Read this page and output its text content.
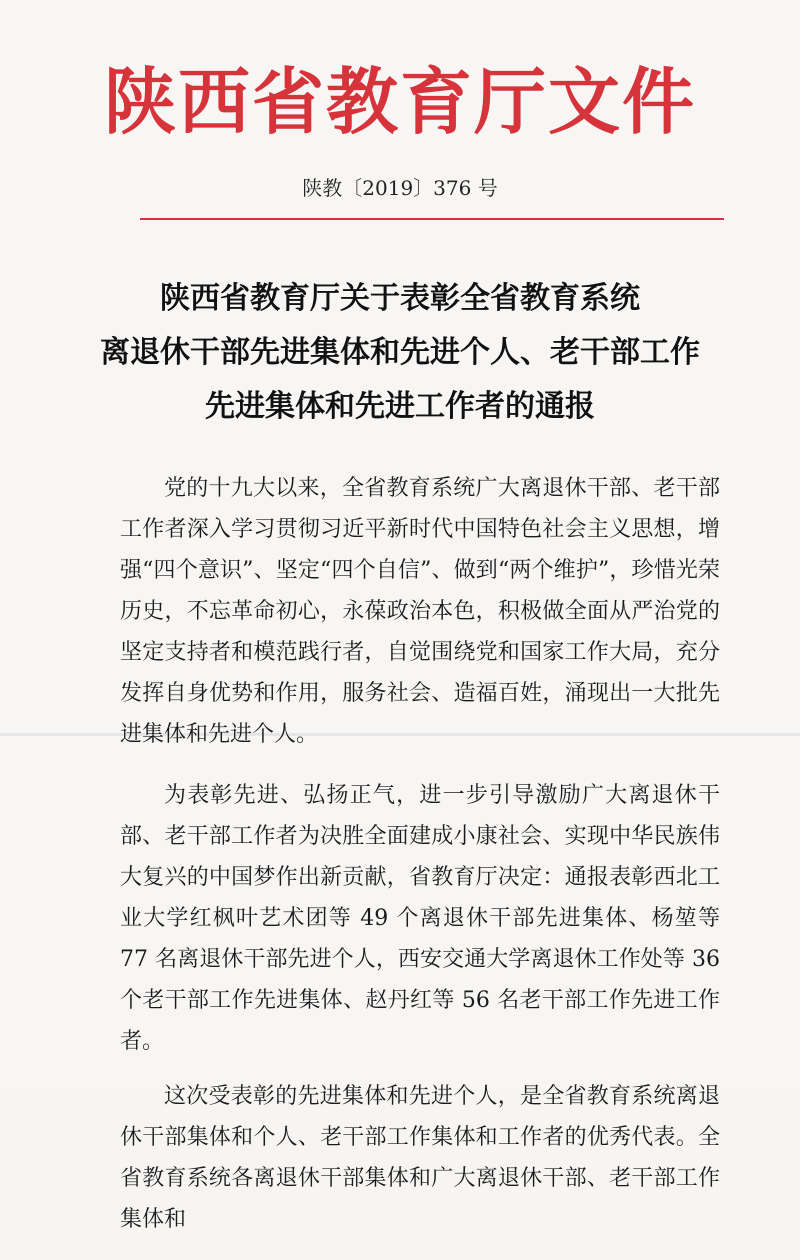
陕西省教育厅文件
陕教〔2019〕376 号
陕西省教育厅关于表彰全省教育系统
离退休干部先进集体和先进个人、老干部工作
先进集体和先进工作者的通报

党的十九大以来，全省教育系统广大离退休干部、老干部工作者深入学习贯彻习近平新时代中国特色社会主义思想，增强“四个意识”、坚定“四个自信”、做到“两个维护”，珍惜光荣历史，不忘革命初心，永葆政治本色，积极做全面从严治党的坚定支持者和模范践行者，自觉围绕党和国家工作大局，充分发挥自身优势和作用，服务社会、造福百姓，涌现出一大批先进集体和先进个人。

为表彰先进、弘扬正气，进一步引导激励广大离退休干部、老干部工作者为决胜全面建成小康社会、实现中华民族伟大复兴的中国梦作出新贡献，省教育厅决定：通报表彰西北工业大学红枫叶艺术团等 49 个离退休干部先进集体、杨堃等 77 名离退休干部先进个人，西安交通大学离退休工作处等 36 个老干部工作先进集体、赵丹红等 56 名老干部工作先进工作者。

这次受表彰的先进集体和先进个人，是全省教育系统离退休干部集体和个人、老干部工作集体和工作者的优秀代表。全省教育系统各离退休干部集体和广大离退休干部、老干部工作集体和
